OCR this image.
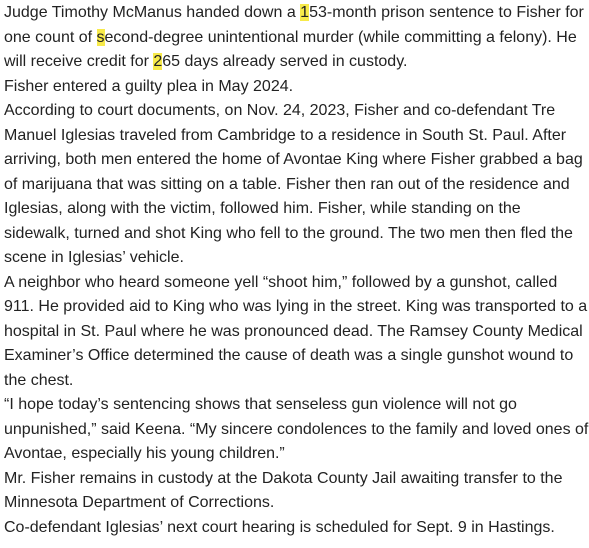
Judge Timothy McManus handed down a 153-month prison sentence to Fisher for one count of second-degree unintentional murder (while committing a felony). He will receive credit for 265 days already served in custody.

Fisher entered a guilty plea in May 2024.

According to court documents, on Nov. 24, 2023, Fisher and co-defendant Tre Manuel Iglesias traveled from Cambridge to a residence in South St. Paul. After arriving, both men entered the home of Avontae King where Fisher grabbed a bag of marijuana that was sitting on a table. Fisher then ran out of the residence and Iglesias, along with the victim, followed him. Fisher, while standing on the sidewalk, turned and shot King who fell to the ground. The two men then fled the scene in Iglesias’ vehicle.

A neighbor who heard someone yell “shoot him,” followed by a gunshot, called 911. He provided aid to King who was lying in the street. King was transported to a hospital in St. Paul where he was pronounced dead. The Ramsey County Medical Examiner’s Office determined the cause of death was a single gunshot wound to the chest.

“I hope today’s sentencing shows that senseless gun violence will not go unpunished,” said Keena. “My sincere condolences to the family and loved ones of Avontae, especially his young children.”

Mr. Fisher remains in custody at the Dakota County Jail awaiting transfer to the Minnesota Department of Corrections.

Co-defendant Iglesias’ next court hearing is scheduled for Sept. 9 in Hastings.
